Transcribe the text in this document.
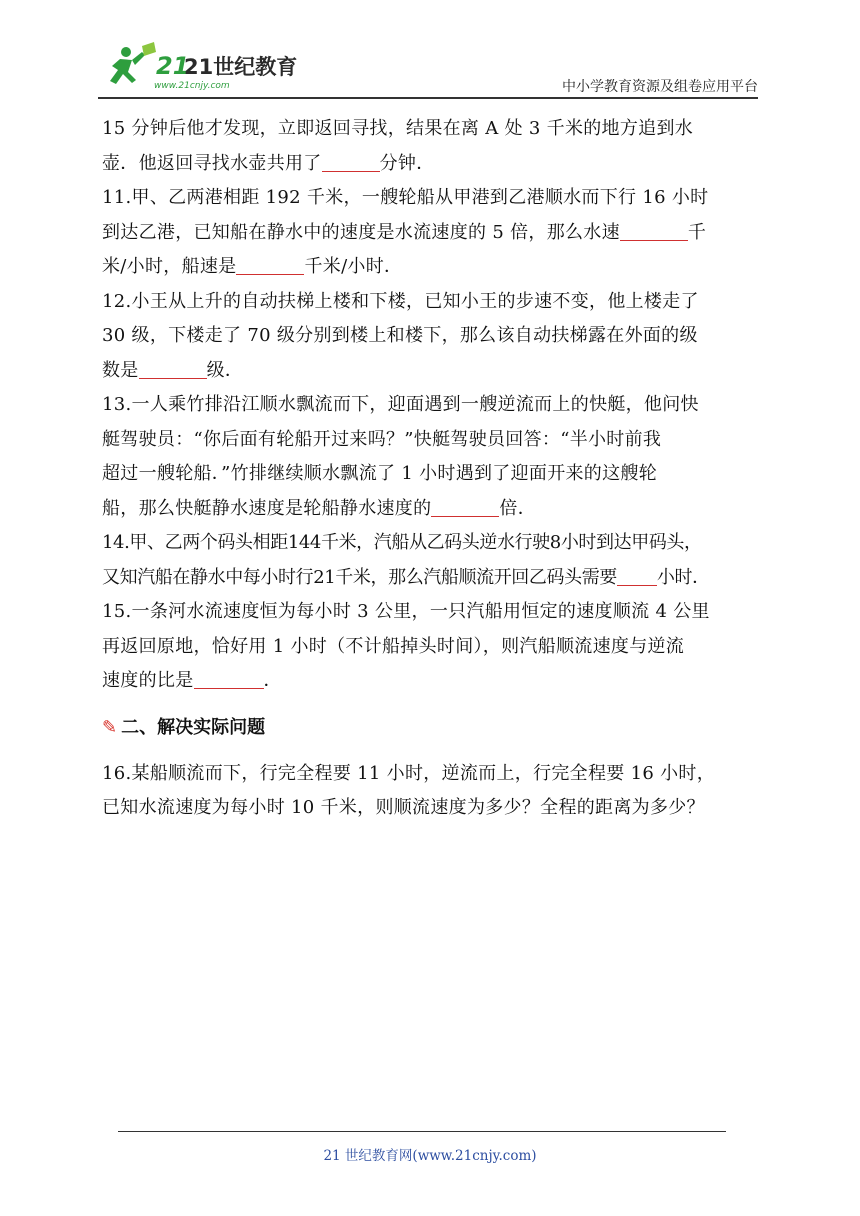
21
21世纪教育
www.21cnjy.com	中小学教育资源及组卷应用平台
15 分钟后他才发现，立即返回寻找，结果在离 A 处 3 千米的地方追到水
壶．他返回寻找水壶共用了	分钟．
11.甲、乙两港相距 192 千米，一艘轮船从甲港到乙港顺水而下行 16 小时
到达乙港，已知船在静水中的速度是水流速度的 5 倍，那么水速	千
米/小时，船速是	千米/小时．
12.小王从上升的自动扶梯上楼和下楼，已知小王的步速不变，他上楼走了
30 级，下楼走了 70 级分别到楼上和楼下，那么该自动扶梯露在外面的级
数是	级．
13.一人乘竹排沿江顺水飘流而下，迎面遇到一艘逆流而上的快艇，他问快
艇驾驶员：“你后面有轮船开过来吗？”快艇驾驶员回答：“半小时前我
超过一艘轮船．”竹排继续顺水飘流了 1 小时遇到了迎面开来的这艘轮
船，那么快艇静水速度是轮船静水速度的	倍．
14.甲、乙两个码头相距144千米，汽船从乙码头逆水行驶8小时到达甲码头，
又知汽船在静水中每小时行21千米，那么汽船顺流开回乙码头需要 小时．
15.一条河水流速度恒为每小时 3 公里，一只汽船用恒定的速度顺流 4 公里
再返回原地，恰好用 1 小时（不计船掉头时间），则汽船顺流速度与逆流
速度的比是	．
✎ 二、解决实际问题
16.某船顺流而下，行完全程要 11 小时，逆流而上，行完全程要 16 小时，
已知水流速度为每小时 10 千米，则顺流速度为多少？全程的距离为多少？
21 世纪教育网(www.21cnjy.com)
